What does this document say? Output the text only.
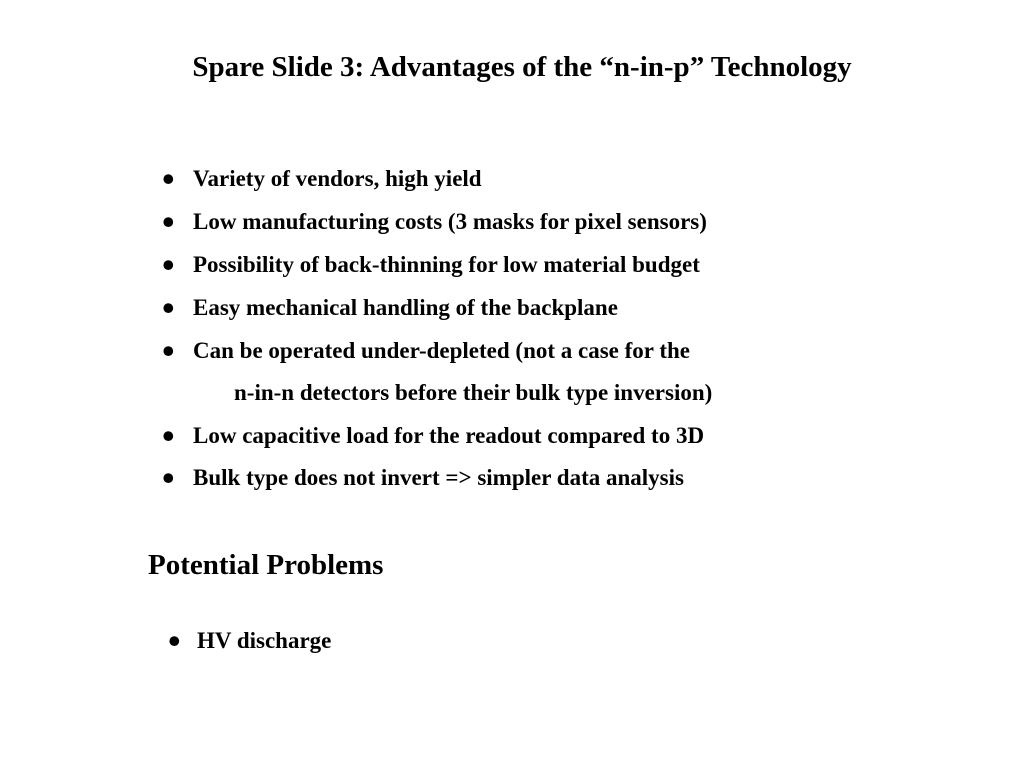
Spare Slide 3: Advantages of the “n-in-p” Technology
• Variety of vendors, high yield
• Low manufacturing costs (3 masks for pixel sensors)
• Possibility of back-thinning for low material budget
• Easy mechanical handling of the backplane
• Can be operated under-depleted (not a case for the
n-in-n detectors before their bulk type inversion)
• Low capacitive load for the readout compared to 3D
• Bulk type does not invert => simpler data analysis
Potential Problems
• HV discharge
